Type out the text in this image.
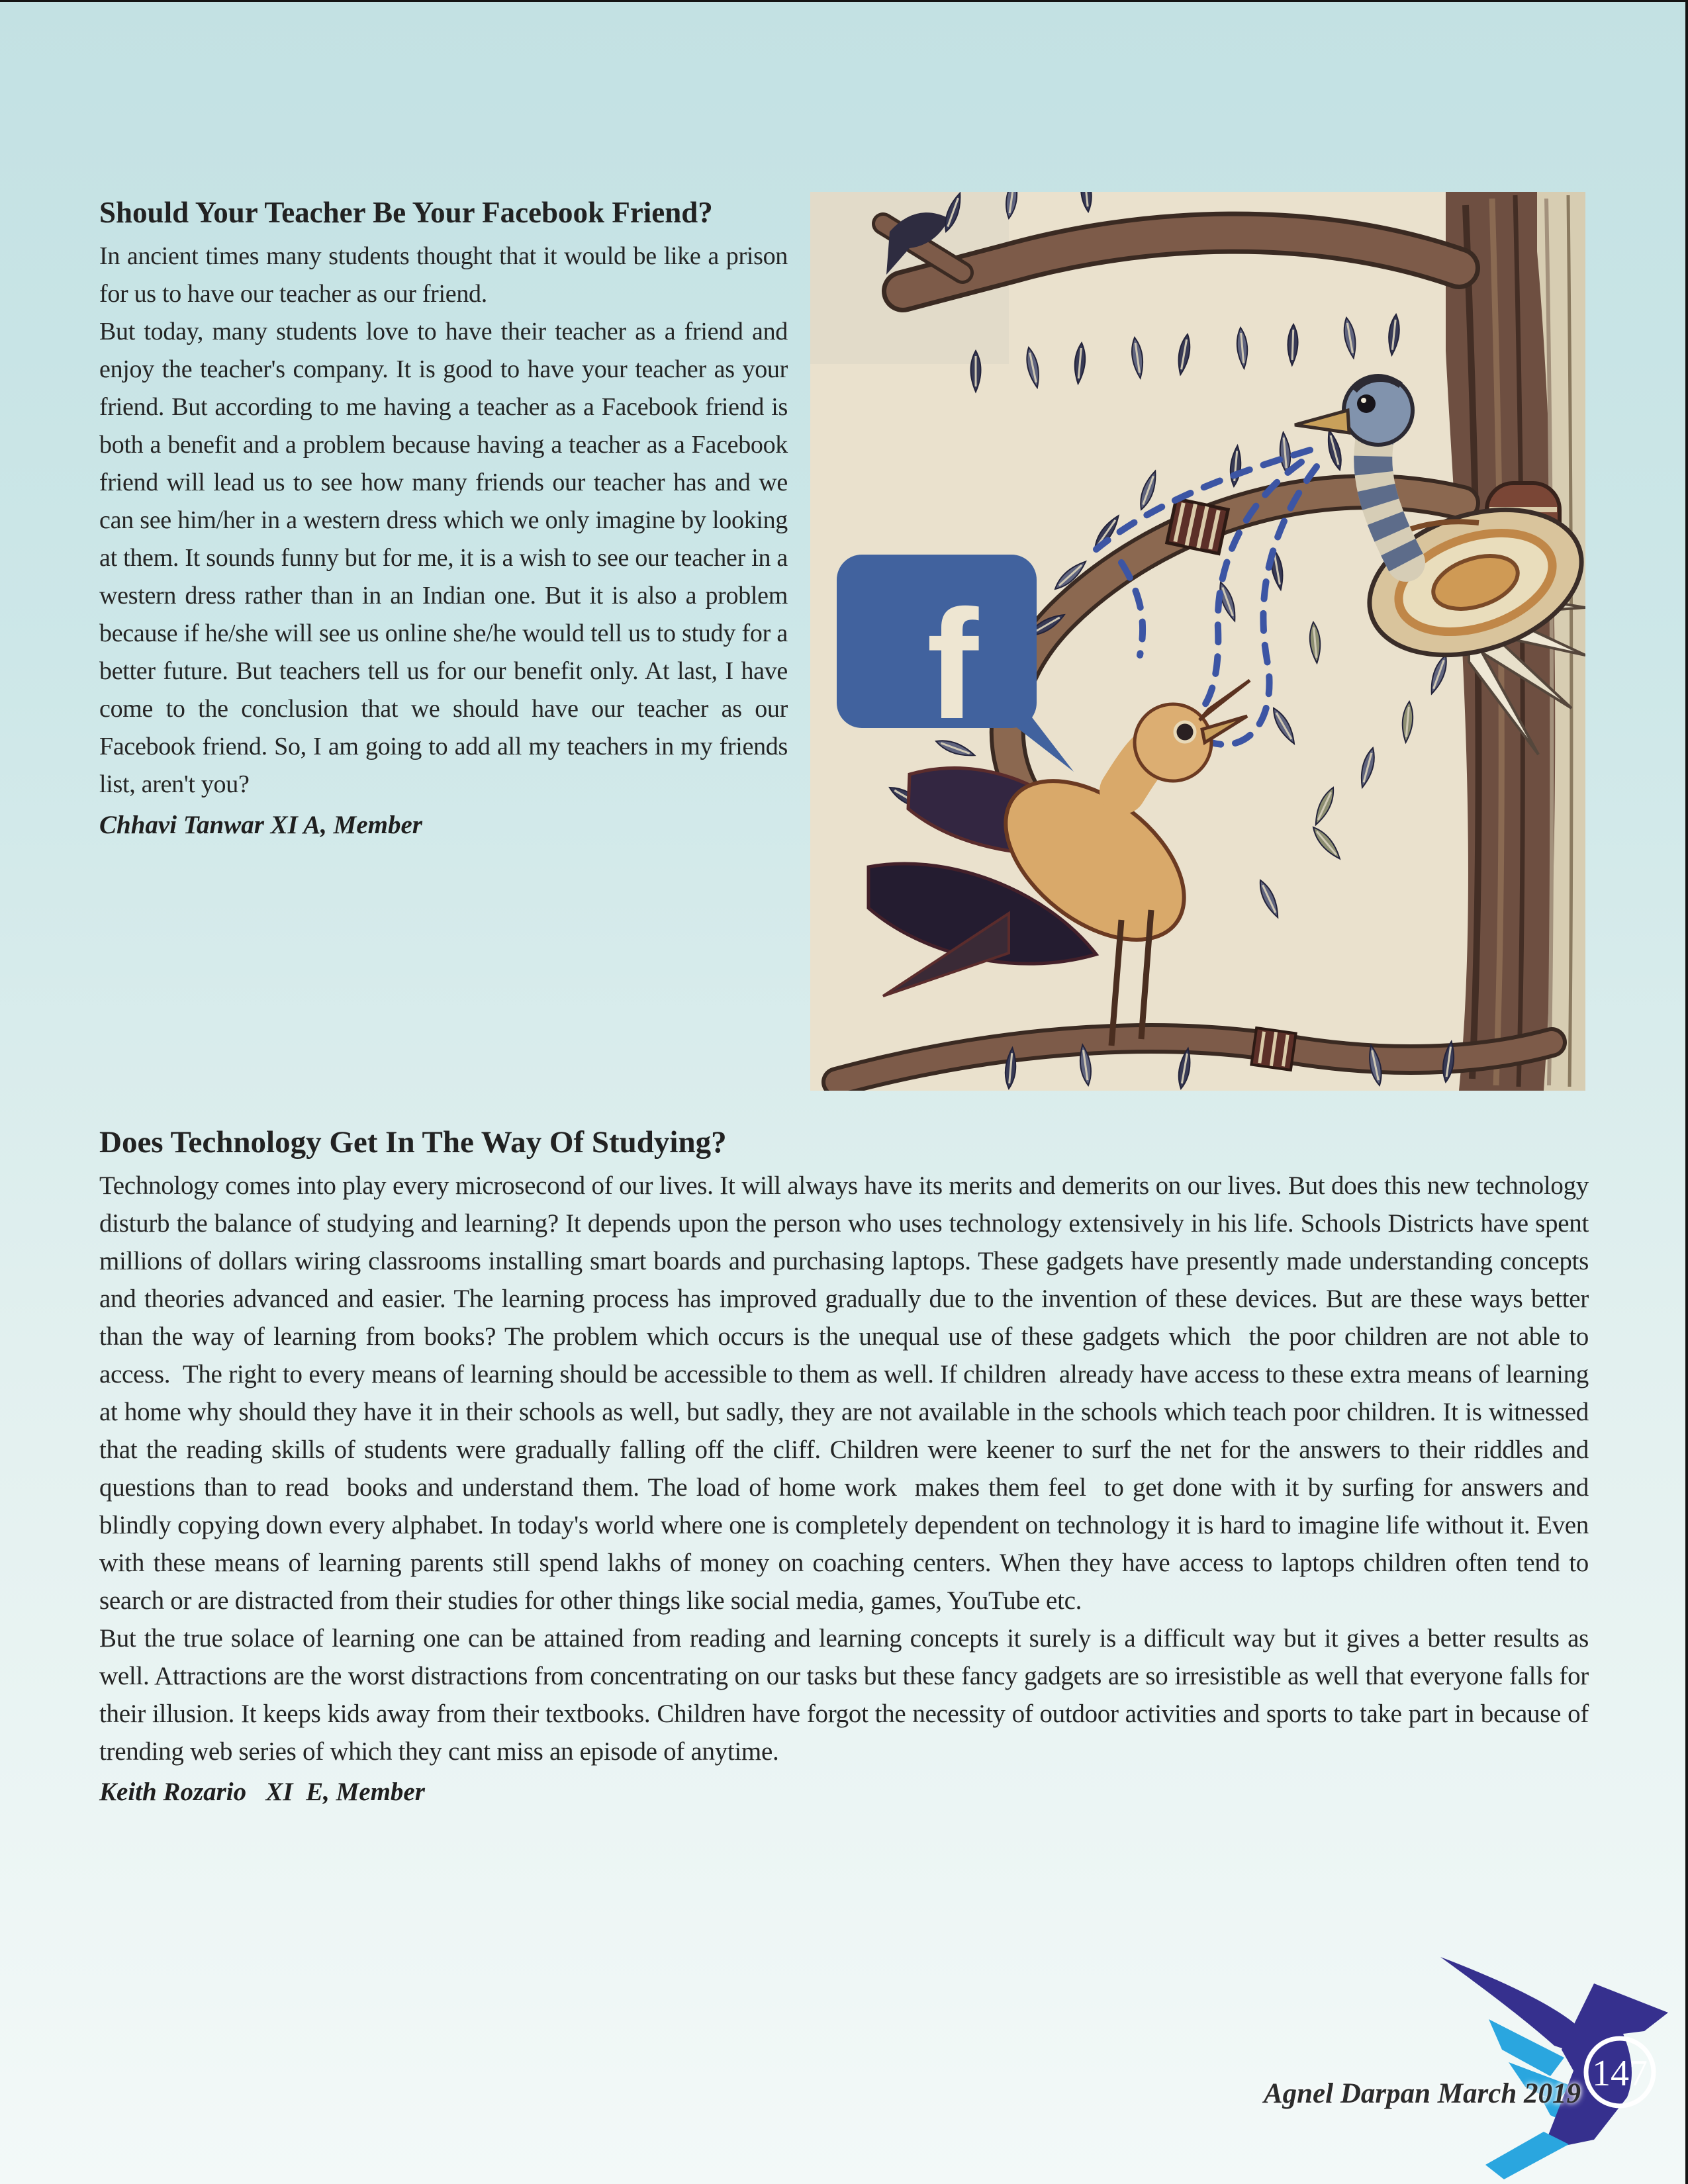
Should Your Teacher Be Your Facebook Friend?

In ancient times many students thought that it would be like a prison for us to have our teacher as our friend.

But today, many students love to have their teacher as a friend and enjoy the teacher's company. It is good to have your teacher as your friend. But according to me having a teacher as a Facebook friend is both a benefit and a problem because having a teacher as a Facebook friend will lead us to see how many friends our teacher has and we can see him/her in a western dress which we only imagine by looking at them. It sounds funny but for me, it is a wish to see our teacher in a western dress rather than in an Indian one. But it is also a problem because if he/she will see us online she/he would tell us to study for a better future. But teachers tell us for our benefit only. At last, I have come to the conclusion that we should have our teacher as our Facebook friend. So, I am going to add all my teachers in my friends list, aren't you?

Chhavi Tanwar XI A, Member

f
Does Technology Get In The Way Of Studying?

Technology comes into play every microsecond of our lives. It will always have its merits and demerits on our lives. But does this new technology disturb the balance of studying and learning? It depends upon the person who uses technology extensively in his life. Schools Districts have spent millions of dollars wiring classrooms installing smart boards and purchasing laptops. These gadgets have presently made understanding concepts and theories advanced and easier. The learning process has improved gradually due to the invention of these devices. But are these ways better than the way of learning from books? The problem which occurs is the unequal use of these gadgets which  the poor children are not able to access.  The right to every means of learning should be accessible to them as well. If children  already have access to these extra means of learning at home why should they have it in their schools as well, but sadly, they are not available in the schools which teach poor children. It is witnessed that the reading skills of students were gradually falling off the cliff. Children were keener to surf the net for the answers to their riddles and questions than to read  books and understand them. The load of home work  makes them feel  to get done with it by surfing for answers and blindly copying down every alphabet. In today's world where one is completely dependent on technology it is hard to imagine life without it. Even with these means of learning parents still spend lakhs of money on coaching centers. When they have access to laptops children often tend to search or are distracted from their studies for other things like social media, games, YouTube etc.

But the true solace of learning one can be attained from reading and learning concepts it surely is a difficult way but it gives a better results as well. Attractions are the worst distractions from concentrating on our tasks but these fancy gadgets are so irresistible as well that everyone falls for their illusion. It keeps kids away from their textbooks. Children have forgot the necessity of outdoor activities and sports to take part in because of trending web series of which they cant miss an episode of anytime.

Keith Rozario   XI  E, Member

Agnel Darpan March 2019 147
